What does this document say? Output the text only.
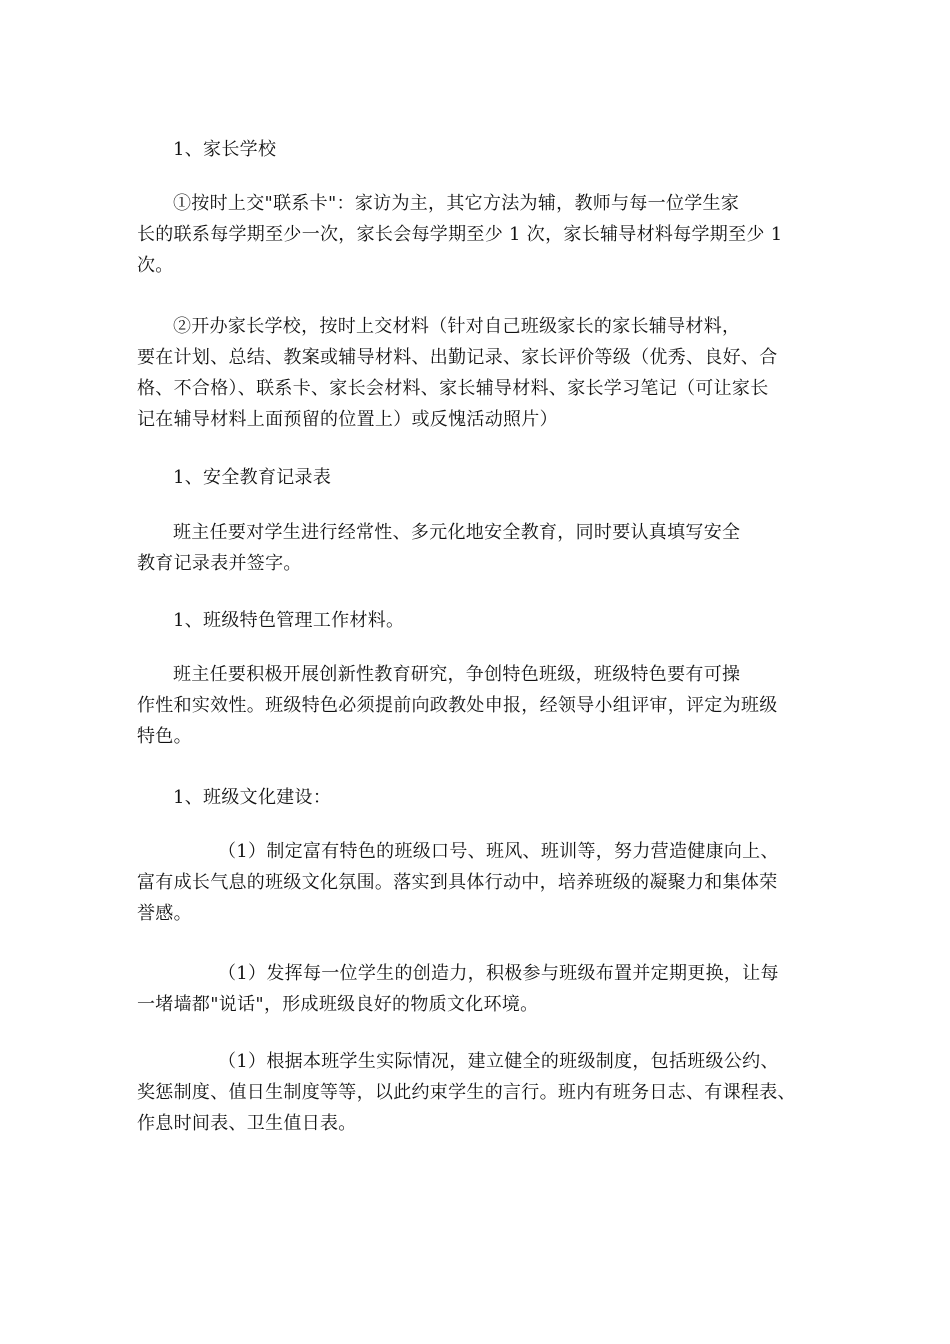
1、家长学校

①按时上交"联系卡"：家访为主，其它方法为辅，教师与每一位学生家
长的联系每学期至少一次，家长会每学期至少 1 次，家长辅导材料每学期至少 1
次。

②开办家长学校，按时上交材料（针对自己班级家长的家长辅导材料，
要在计划、总结、教案或辅导材料、出勤记录、家长评价等级（优秀、良好、合
格、不合格）、联系卡、家长会材料、家长辅导材料、家长学习笔记（可让家长
记在辅导材料上面预留的位置上）或反愧活动照片）

1、安全教育记录表

班主任要对学生进行经常性、多元化地安全教育，同时要认真填写安全
教育记录表并签字。

1、班级特色管理工作材料。

班主任要积极开展创新性教育研究，争创特色班级，班级特色要有可操
作性和实效性。班级特色必须提前向政教处申报，经领导小组评审，评定为班级
特色。

1、班级文化建设：

（1）制定富有特色的班级口号、班风、班训等，努力营造健康向上、
富有成长气息的班级文化氛围。落实到具体行动中，培养班级的凝聚力和集体荣
誉感。

（1）发挥每一位学生的创造力，积极参与班级布置并定期更换，让每
一堵墙都"说话"，形成班级良好的物质文化环境。

（1）根据本班学生实际情况，建立健全的班级制度，包括班级公约、
奖惩制度、值日生制度等等，以此约束学生的言行。班内有班务日志、有课程表、
作息时间表、卫生值日表。
